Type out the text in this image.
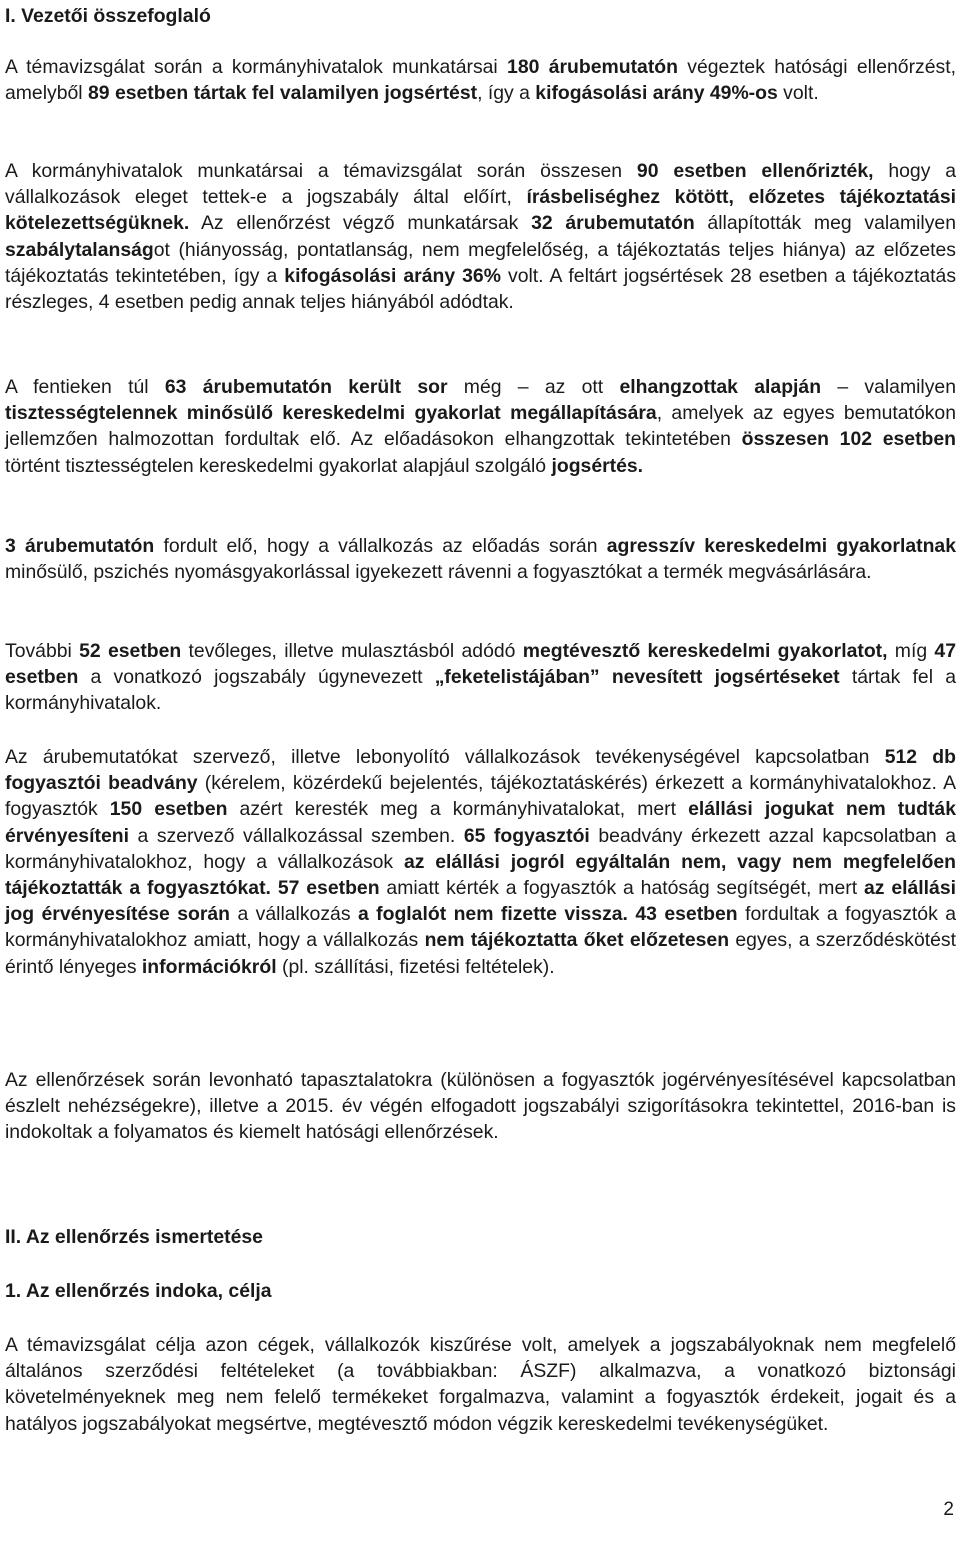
I. Vezetői összefoglaló

A témavizsgálat során a kormányhivatalok munkatársai 180 árubemutatón végeztek hatósági ellenőrzést, amelyből 89 esetben tártak fel valamilyen jogsértést, így a kifogásolási arány 49%-os volt.

A kormányhivatalok munkatársai a témavizsgálat során összesen 90 esetben ellenőrizték, hogy a vállalkozások eleget tettek-e a jogszabály által előírt, írásbeliséghez kötött, előzetes tájékoztatási kötelezettségüknek. Az ellenőrzést végző munkatársak 32 árubemutatón állapították meg valamilyen szabálytalanságot (hiányosság, pontatlanság, nem megfelelőség, a tájékoztatás teljes hiánya) az előzetes tájékoztatás tekintetében, így a kifogásolási arány 36% volt. A feltárt jogsértések 28 esetben a tájékoztatás részleges, 4 esetben pedig annak teljes hiányából adódtak.

A fentieken túl 63 árubemutatón került sor még – az ott elhangzottak alapján – valamilyen tisztességtelennek minősülő kereskedelmi gyakorlat megállapítására, amelyek az egyes bemutatókon jellemzően halmozottan fordultak elő. Az előadásokon elhangzottak tekintetében összesen 102 esetben történt tisztességtelen kereskedelmi gyakorlat alapjául szolgáló jogsértés.

3 árubemutatón fordult elő, hogy a vállalkozás az előadás során agresszív kereskedelmi gyakorlatnak minősülő, pszichés nyomásgyakorlással igyekezett rávenni a fogyasztókat a termék megvásárlására.

További 52 esetben tevőleges, illetve mulasztásból adódó megtévesztő kereskedelmi gyakorlatot, míg 47 esetben a vonatkozó jogszabály úgynevezett „feketelistájában” nevesített jogsértéseket tártak fel a kormányhivatalok.

Az árubemutatókat szervező, illetve lebonyolító vállalkozások tevékenységével kapcsolatban 512 db fogyasztói beadvány (kérelem, közérdekű bejelentés, tájékoztatáskérés) érkezett a kormányhivatalokhoz. A fogyasztók 150 esetben azért keresték meg a kormányhivatalokat, mert elállási jogukat nem tudták érvényesíteni a szervező vállalkozással szemben. 65 fogyasztói beadvány érkezett azzal kapcsolatban a kormányhivatalokhoz, hogy a vállalkozások az elállási jogról egyáltalán nem, vagy nem megfelelően tájékoztatták a fogyasztókat. 57 esetben amiatt kérték a fogyasztók a hatóság segítségét, mert az elállási jog érvényesítése során a vállalkozás a foglalót nem fizette vissza. 43 esetben fordultak a fogyasztók a kormányhivatalokhoz amiatt, hogy a vállalkozás nem tájékoztatta őket előzetesen egyes, a szerződéskötést érintő lényeges információkról (pl. szállítási, fizetési feltételek).

Az ellenőrzések során levonható tapasztalatokra (különösen a fogyasztók jogérvényesítésével kapcsolatban észlelt nehézségekre), illetve a 2015. év végén elfogadott jogszabályi szigorításokra tekintettel, 2016-ban is indokoltak a folyamatos és kiemelt hatósági ellenőrzések.

II. Az ellenőrzés ismertetése
1. Az ellenőrzés indoka, célja

A témavizsgálat célja azon cégek, vállalkozók kiszűrése volt, amelyek a jogszabályoknak nem megfelelő általános szerződési feltételeket (a továbbiakban: ÁSZF) alkalmazva, a vonatkozó biztonsági követelményeknek meg nem felelő termékeket forgalmazva, valamint a fogyasztók érdekeit, jogait és a hatályos jogszabályokat megsértve, megtévesztő módon végzik kereskedelmi tevékenységüket.

2
